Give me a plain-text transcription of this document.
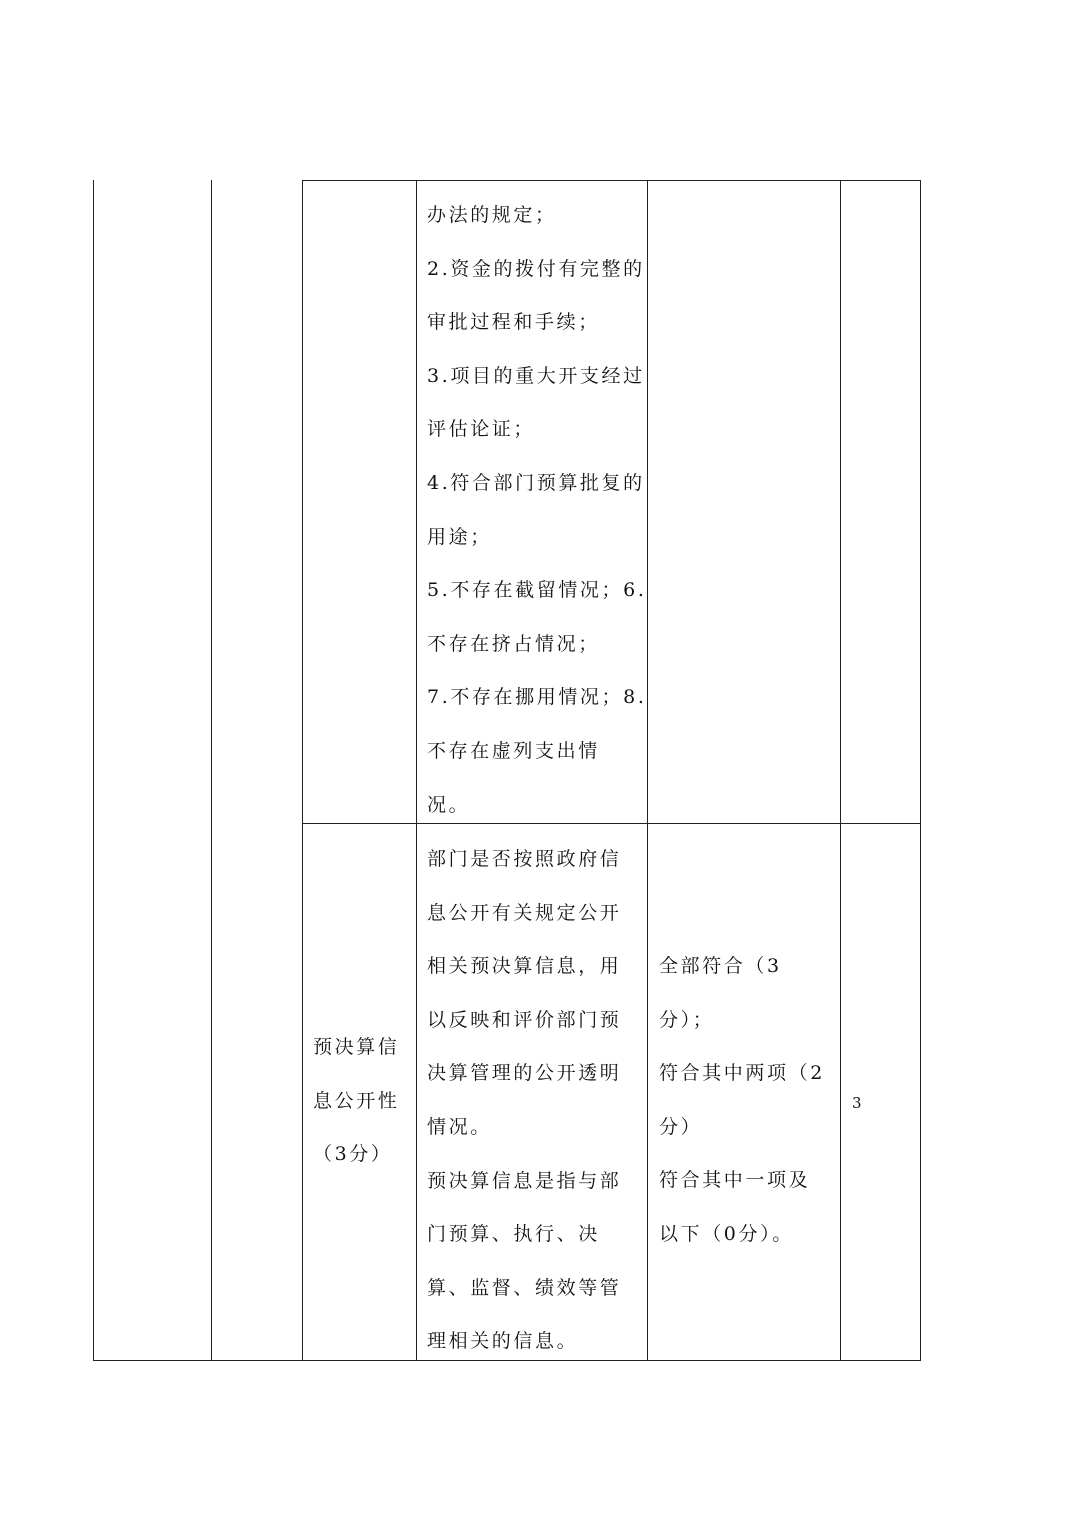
办法的规定；
2.资金的拨付有完整的
审批过程和手续；
3.项目的重大开支经过
评估论证；
4.符合部门预算批复的
用途；
5.不存在截留情况；6.
不存在挤占情况；
7.不存在挪用情况；8.
不存在虚列支出情
况。
预决算信
息公开性
（3分）
部门是否按照政府信
息公开有关规定公开
相关预决算信息，用
以反映和评价部门预
决算管理的公开透明
情况。
预决算信息是指与部
门预算、执行、决
算、监督、绩效等管
理相关的信息。
全部符合（3
分）；
符合其中两项（2
分）
符合其中一项及
以下（0分）。
3
